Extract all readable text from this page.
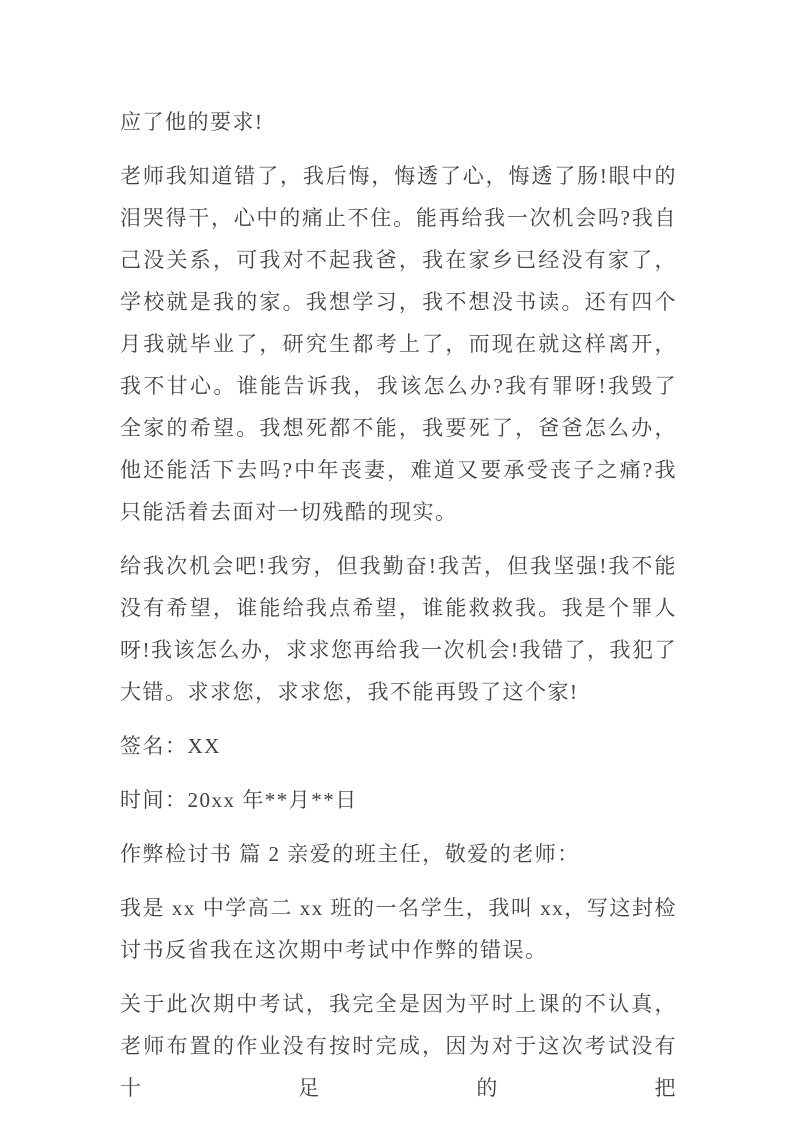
应了他的要求!

老师我知道错了，我后悔，悔透了心，悔透了肠!眼中的泪哭得干，心中的痛止不住。能再给我一次机会吗?我自己没关系，可我对不起我爸，我在家乡已经没有家了，学校就是我的家。我想学习，我不想没书读。还有四个月我就毕业了，研究生都考上了，而现在就这样离开，我不甘心。谁能告诉我，我该怎么办?我有罪呀!我毁了全家的希望。我想死都不能，我要死了，爸爸怎么办，他还能活下去吗?中年丧妻，难道又要承受丧子之痛?我只能活着去面对一切残酷的现实。

给我次机会吧!我穷，但我勤奋!我苦，但我坚强!我不能没有希望，谁能给我点希望，谁能救救我。我是个罪人呀!我该怎么办，求求您再给我一次机会!我错了，我犯了 大错。求求您，求求您，我不能再毁了这个家!

签名：XX

时间：20xx 年**月**日

作弊检讨书 篇 2 亲爱的班主任，敬爱的老师：

我是 xx 中学高二 xx 班的一名学生，我叫 xx，写这封检讨书反省我在这次期中考试中作弊的错误。

关于此次期中考试，我完全是因为平时上课的不认真，老师布置的作业没有按时完成，因为对于这次考试没有十足的把
